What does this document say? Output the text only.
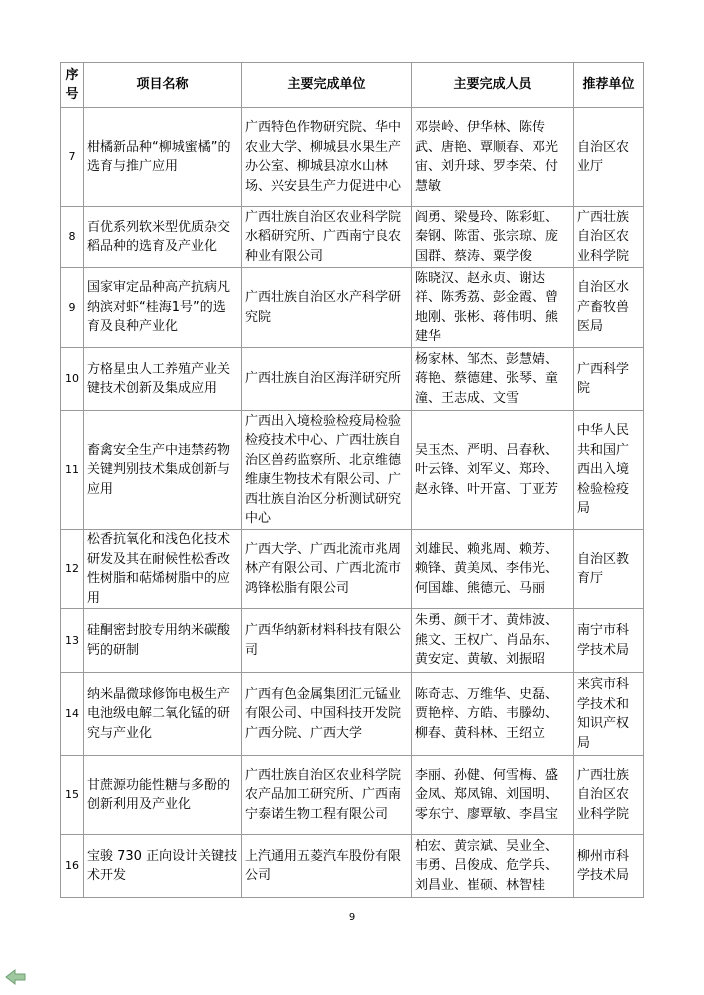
序号	项目名称	主要完成单位	主要完成人员	推荐单位
7	柑橘新品种“柳城蜜橘”的选育与推广应用	广西特色作物研究院、华中农业大学、柳城县水果生产办公室、柳城县凉水山林场、兴安县生产力促进中心	邓崇岭、伊华林、陈传武、唐艳、覃顺春、邓光宙、刘升球、罗李荣、付慧敏	自治区农业厅
8	百优系列软米型优质杂交稻品种的选育及产业化	广西壮族自治区农业科学院水稻研究所、广西南宁良农种业有限公司	阎勇、梁曼玲、陈彩虹、秦钢、陈雷、张宗琼、庞国群、蔡涛、粟学俊	广西壮族自治区农业科学院
9	国家审定品种高产抗病凡纳滨对虾“桂海1号”的选育及良种产业化	广西壮族自治区水产科学研究院	陈晓汉、赵永贞、谢达祥、陈秀荔、彭金霞、曾地刚、张彬、蒋伟明、熊建华	自治区水产畜牧兽医局
10	方格星虫人工养殖产业关键技术创新及集成应用	广西壮族自治区海洋研究所	杨家林、邹杰、彭慧婧、蒋艳、蔡德建、张琴、童潼、王志成、文雪	广西科学院
11	畜禽安全生产中违禁药物关键判别技术集成创新与应用	广西出入境检验检疫局检验检疫技术中心、广西壮族自治区兽药监察所、北京维德维康生物技术有限公司、广西壮族自治区分析测试研究中心	吴玉杰、严明、吕春秋、叶云锋、刘军义、郑玲、赵永锋、叶开富、丁亚芳	中华人民共和国广西出入境检验检疫局
12	松香抗氧化和浅色化技术研发及其在耐候性松香改性树脂和萜烯树脂中的应用	广西大学、广西北流市兆周林产有限公司、广西北流市鸿锋松脂有限公司	刘雄民、赖兆周、赖芳、赖锋、黄美凤、李伟光、何国雄、熊德元、马丽	自治区教育厅
13	硅酮密封胶专用纳米碳酸钙的研制	广西华纳新材料科技有限公司	朱勇、颜干才、黄炜波、熊文、王权广、肖品东、黄安定、黄敏、刘振昭	南宁市科学技术局
14	纳米晶微球修饰电极生产电池级电解二氧化锰的研究与产业化	广西有色金属集团汇元锰业有限公司、中国科技开发院广西分院、广西大学	陈奇志、万维华、史磊、贾艳梓、方皓、韦滕幼、柳春、黄科林、王绍立	来宾市科学技术和知识产权局
15	甘蔗源功能性糖与多酚的创新利用及产业化	广西壮族自治区农业科学院农产品加工研究所、广西南宁泰诺生物工程有限公司	李丽、孙健、何雪梅、盛金凤、郑凤锦、刘国明、零东宁、廖覃敏、李昌宝	广西壮族自治区农业科学院
16	宝骏 730 正向设计关键技术开发	上汽通用五菱汽车股份有限公司	柏宏、黄宗斌、吴业全、韦勇、吕俊成、危学兵、刘昌业、崔硕、林智桂	柳州市科学技术局
9
